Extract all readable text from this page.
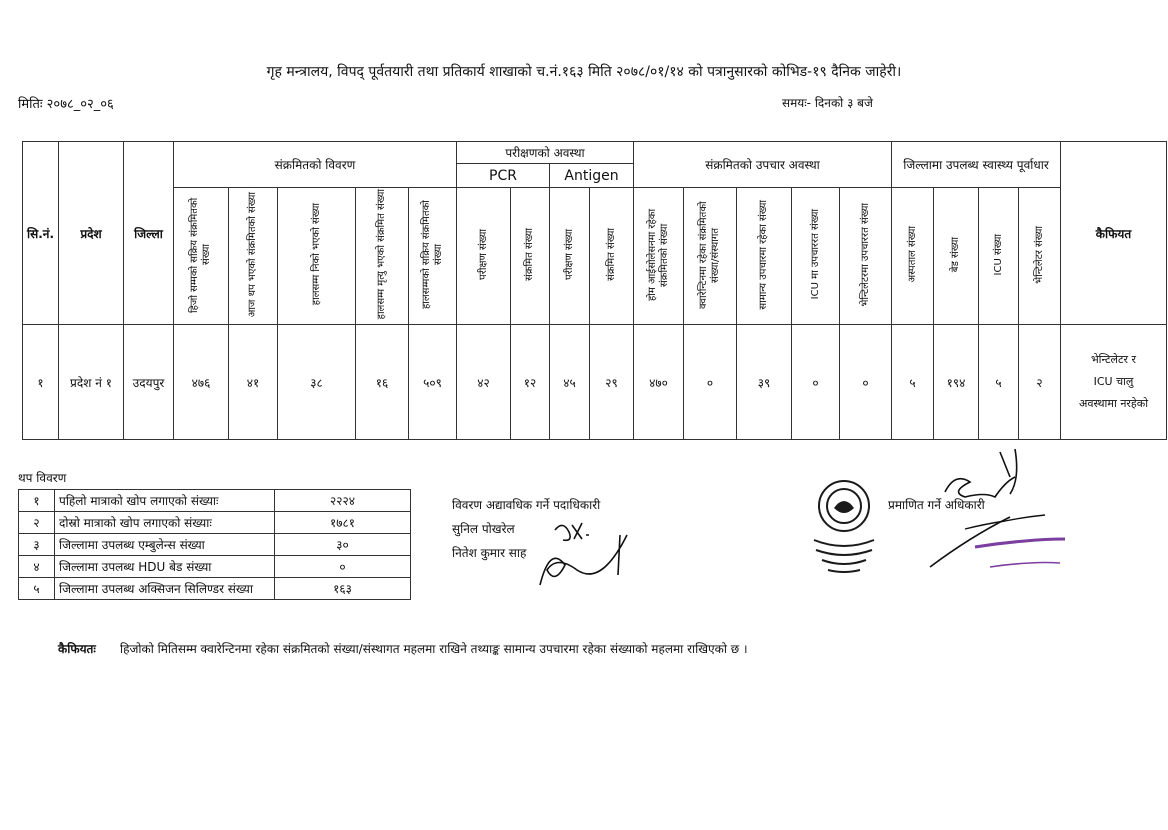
गृह मन्त्रालय, विपद् पूर्वतयारी तथा प्रतिकार्य शाखाको च.नं.१६३ मिति २०७८/०१/१४ को पत्रानुसारको कोभिड-१९ दैनिक जाहेरी।
मितिः २०७८_०२_०६	समयः- दिनको ३ बजे
सि.नं.	प्रदेश	जिल्ला	संक्रमितको विवरण					परीक्षणको अवस्था				संक्रमितको उपचार अवस्था					जिल्लामा उपलब्ध स्वास्थ्य पूर्वाधार				कैफियत
								PCR		Antigen											
			हिजो सम्मको सक्रिय संक्रमितको संख्या	आज थप भएको संक्रमितको संख्या	हालसम्म निको भएको संख्या	हालसम्म मृत्यु भएको संक्रमित संख्या	हालसम्मको सक्रिय संक्रमितको संख्या	परीक्षण संख्या	संक्रमित संख्या	परीक्षण संख्या	संक्रमित संख्या	होम आईसोलेसनमा रहेका संक्रमितको संख्या	क्वारेन्टिनमा रहेका संक्रमितको संख्या/संस्थागत	सामान्य उपचारमा रहेका संख्या	ICU मा उपचाररत संख्या	भेन्टिलेटरमा उपचाररत संख्या	अस्पताल संख्या	बेड संख्या	ICU संख्या	भेन्टिलेटर संख्या	
१	प्रदेश नं १	उदयपुर	४७६	४१	३८	१६	५०९	४२	१२	४५	२९	४७०	०	३९	०	०	५	१९४	५	२	भेन्टिलेटर र
ICU चालु
अवस्थामा नरहेको
थप विवरण
१	पहिलो मात्राको खोप लगाएको संख्याः	२२२४
२	दोस्रो मात्राको खोप लगाएको संख्याः	१७८१
३	जिल्लामा उपलब्ध एम्बुलेन्स संख्या	३०
४	जिल्लामा उपलब्ध HDU बेड संख्या	०
५	जिल्लामा उपलब्ध अक्सिजन सिलिण्डर संख्या	१६३
विवरण अद्यावधिक गर्ने पदाधिकारी
सुनिल पोखरेल
नितेश कुमार साह
प्रमाणित गर्ने अधिकारी
कैफियतः हिजोको मितिसम्म क्वारेन्टिनमा रहेका संक्रमितको संख्या/संस्थागत महलमा राखिने तथ्याङ्क सामान्य उपचारमा रहेका संख्याको महलमा राखिएको छ ।
